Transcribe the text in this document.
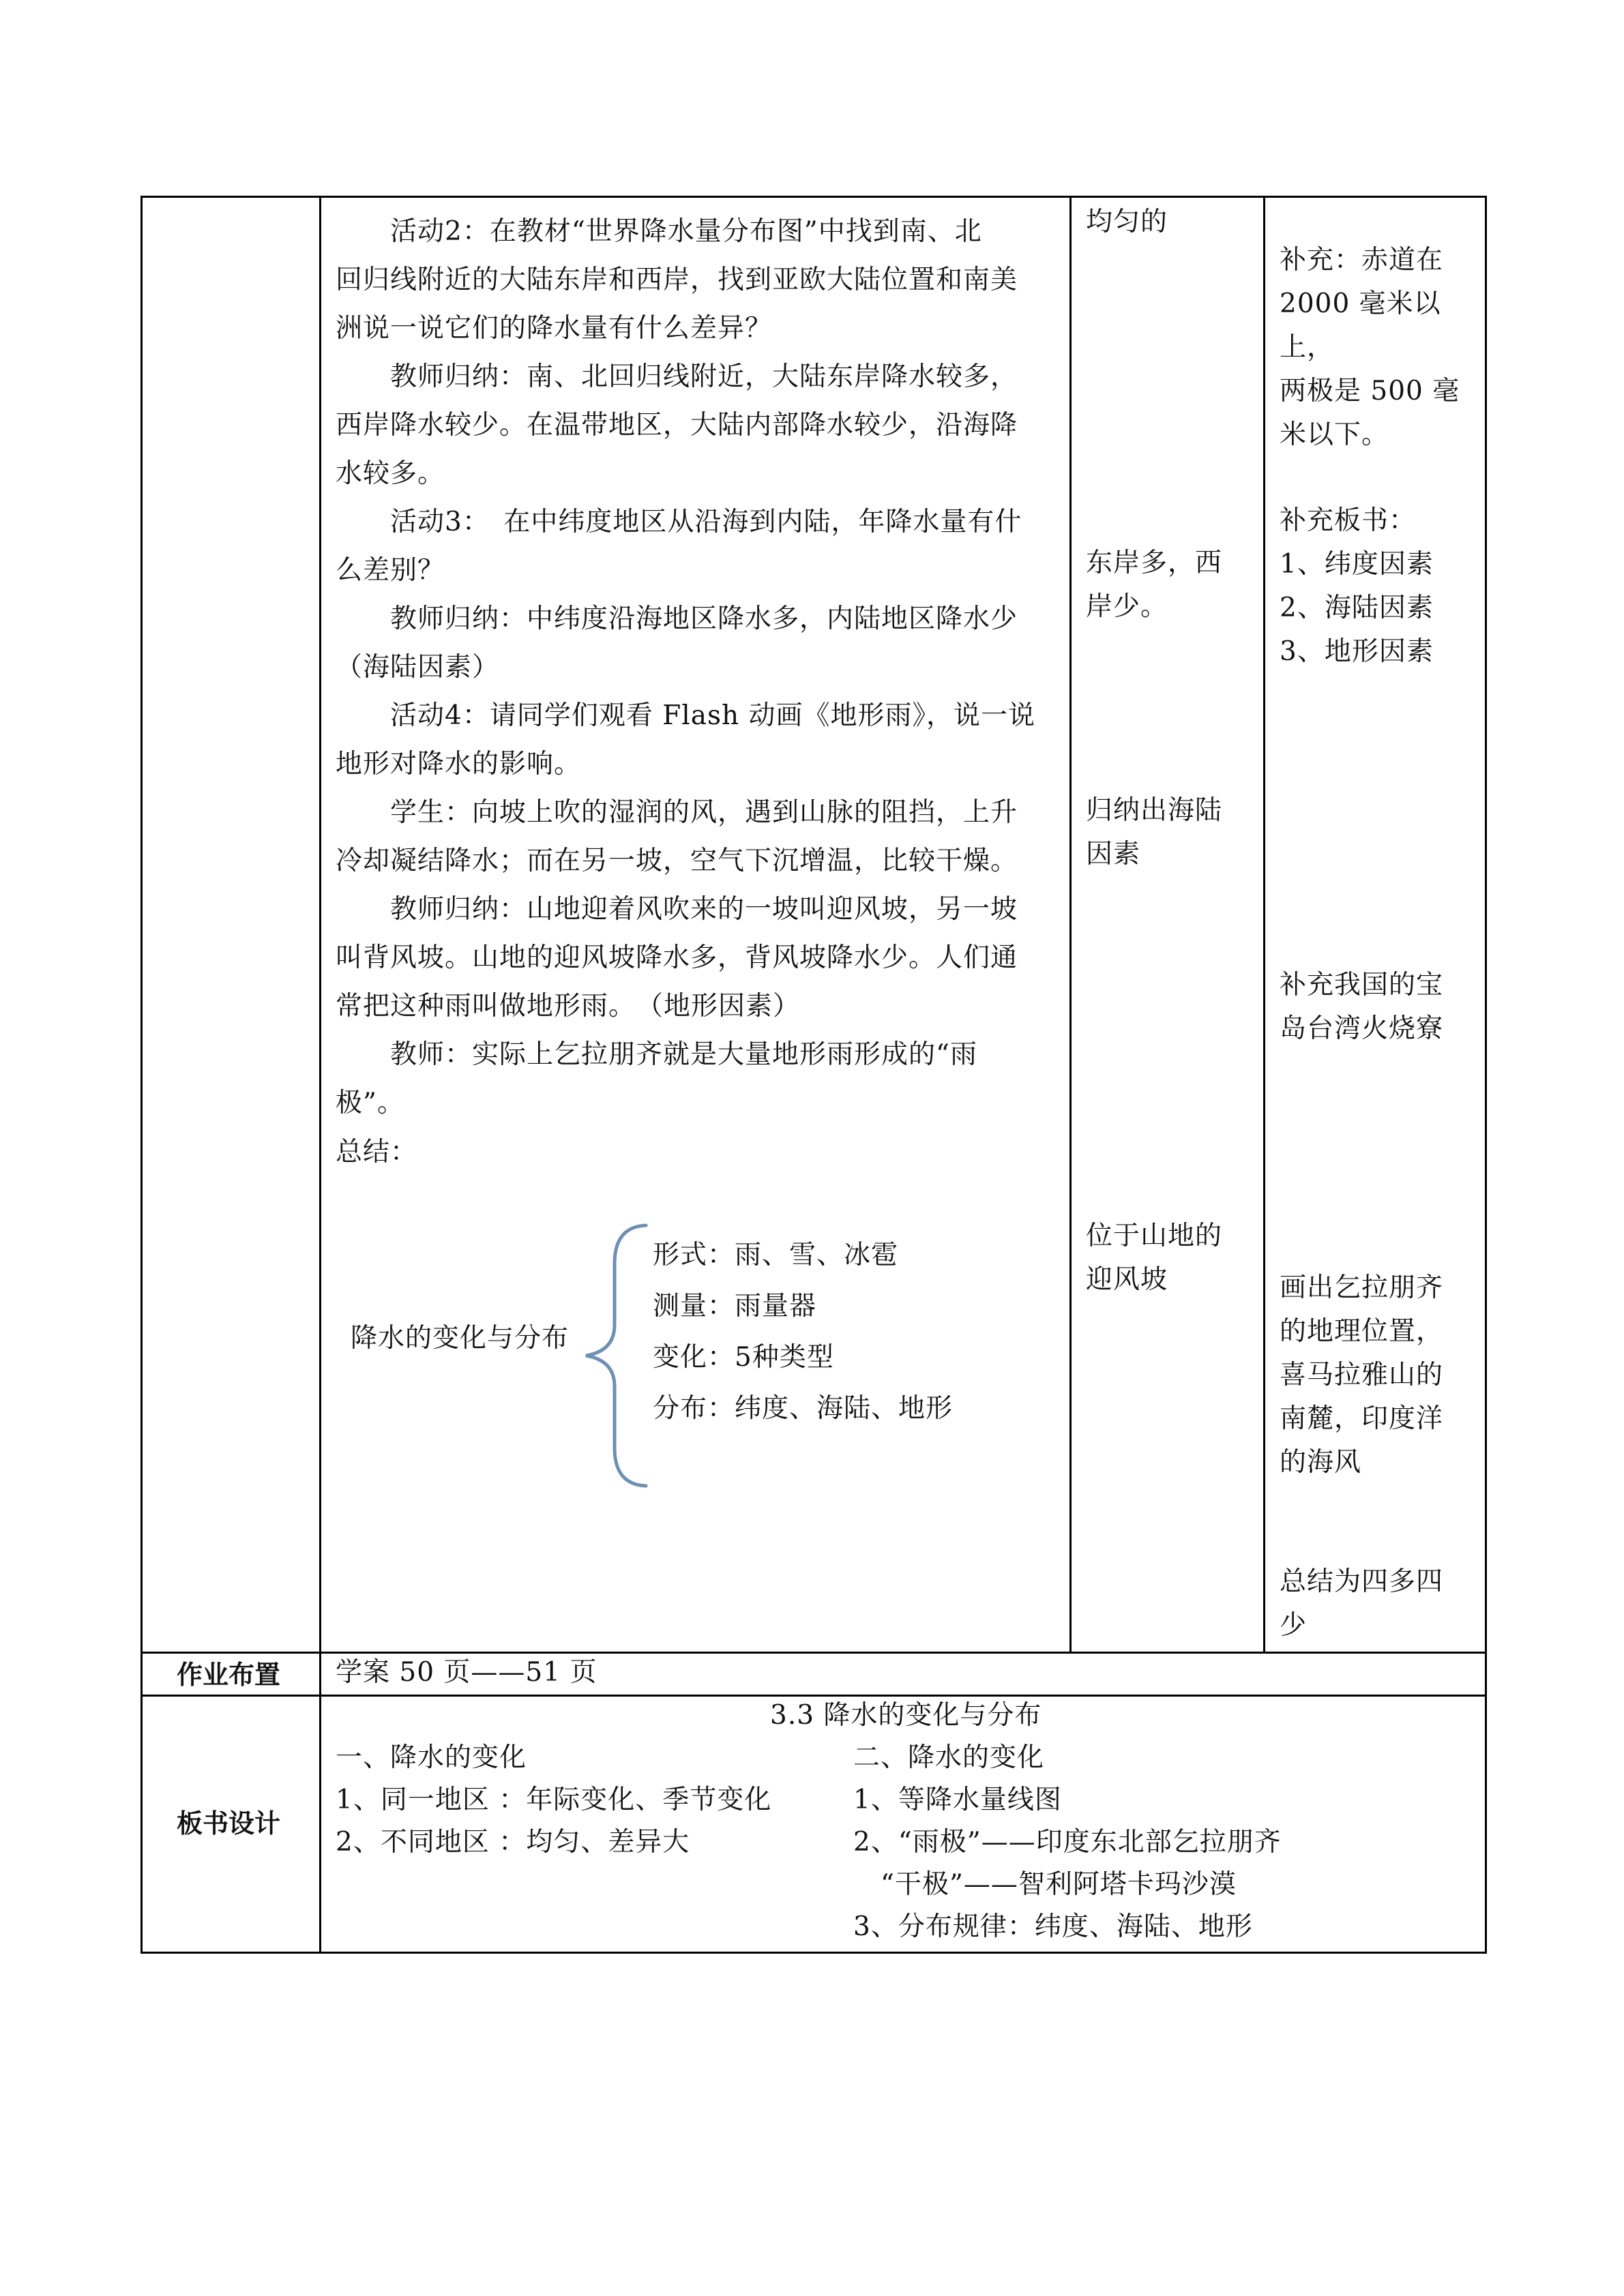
　　活动2：在教材“世界降水量分布图”中找到南、北
回归线附近的大陆东岸和西岸，找到亚欧大陆位置和南美
洲说一说它们的降水量有什么差异？

　　教师归纳：南、北回归线附近，大陆东岸降水较多，
西岸降水较少。在温带地区，大陆内部降水较少，沿海降
水较多。

　　活动3：　在中纬度地区从沿海到内陆，年降水量有什
么差别？

　　教师归纳：中纬度沿海地区降水多，内陆地区降水少
（海陆因素）

　　活动4：请同学们观看 Flash 动画《地形雨》，说一说
地形对降水的影响。

　　学生：向坡上吹的湿润的风，遇到山脉的阻挡，上升
冷却凝结降水；而在另一坡，空气下沉增温，比较干燥。

　　教师归纳：山地迎着风吹来的一坡叫迎风坡，另一坡
叫背风坡。山地的迎风坡降水多，背风坡降水少。人们通
常把这种雨叫做地形雨。　（地形因素）

　　教师：实际上乞拉朋齐就是大量地形雨形成的“雨
极”。

总结：

降水的变化与分布

形式：雨、雪、冰雹

测量：雨量器

变化：5种类型

分布：纬度、海陆、地形

均匀的

东岸多，西
岸少。

归纳出海陆
因素

位于山地的
迎风坡

补充：赤道在
2000 毫米以
上，
两极是 500 毫
米以下。

补充板书：
1、纬度因素
2、海陆因素
3、地形因素

补充我国的宝
岛台湾火烧寮

画出乞拉朋齐
的地理位置，
喜马拉雅山的
南麓，印度洋
的海风

总结为四多四
少

作业布置 学案 50 页——51 页

板书设计

3.3 降水的变化与分布

一、降水的变化

1、同一地区 ：年际变化、季节变化

2、不同地区 ：均匀、差异大

二、降水的变化

1、等降水量线图

2、“雨极”——印度东北部乞拉朋齐

　“干极”——智利阿塔卡玛沙漠

3、分布规律：纬度、海陆、地形
